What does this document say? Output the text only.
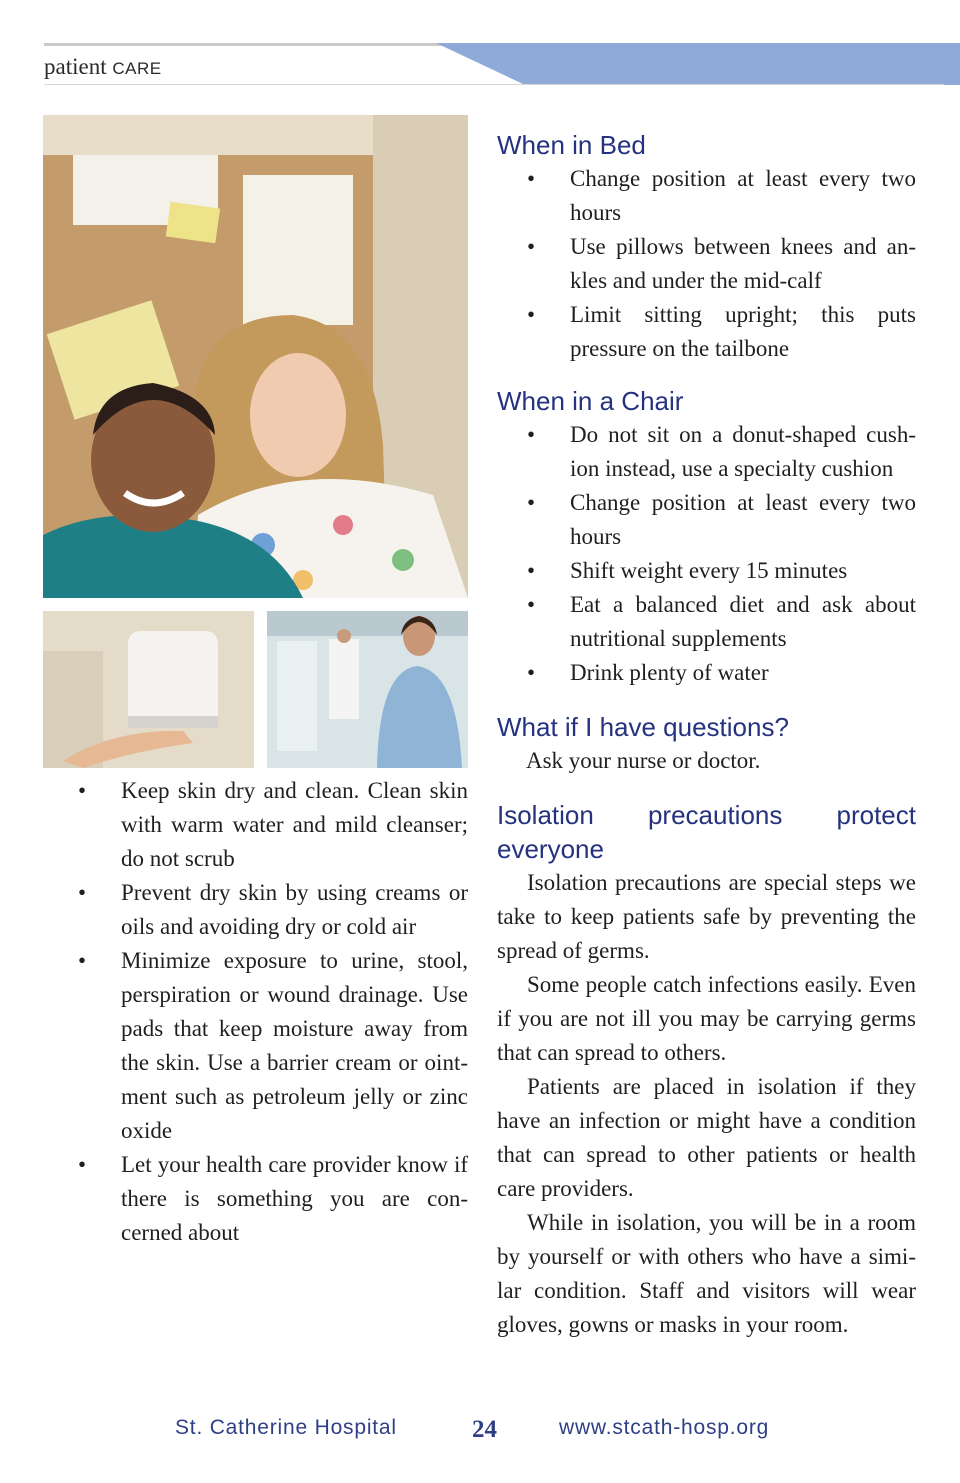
patient CARE
• Keep skin dry and clean. Clean skin with warm water and mild cleanser; do not scrub
• Prevent dry skin by using creams or oils and avoiding dry or cold air
• Minimize exposure to urine, stool, perspiration or wound drainage. Use pads that keep moisture away from the skin. Use a barrier cream or oint-ment such as petroleum jelly or zinc oxide
• Let your health care provider know if there is something you are con-cerned about
When in Bed
• Change position at least every two hours
• Use pillows between knees and an-kles and under the mid-calf
• Limit sitting upright; this puts pressure on the tailbone
When in a Chair
• Do not sit on a donut-shaped cush-ion instead, use a specialty cushion
• Change position at least every two hours
• Shift weight every 15 minutes
• Eat a balanced diet and ask about nutritional supplements
• Drink plenty of water
What if I have questions?

Ask your nurse or doctor.

Isolation precautions protect everyone

Isolation precautions are special steps we take to keep patients safe by preventing the spread of germs.

Some people catch infections easily. Even if you are not ill you may be carrying germs that can spread to others.

Patients are placed in isolation if they have an infection or might have a condition that can spread to other patients or health care providers.

While in isolation, you will be in a room by yourself or with others who have a simi-lar condition. Staff and visitors will wear gloves, gowns or masks in your room.

St. Catherine Hospital	24	www.stcath-hosp.org
